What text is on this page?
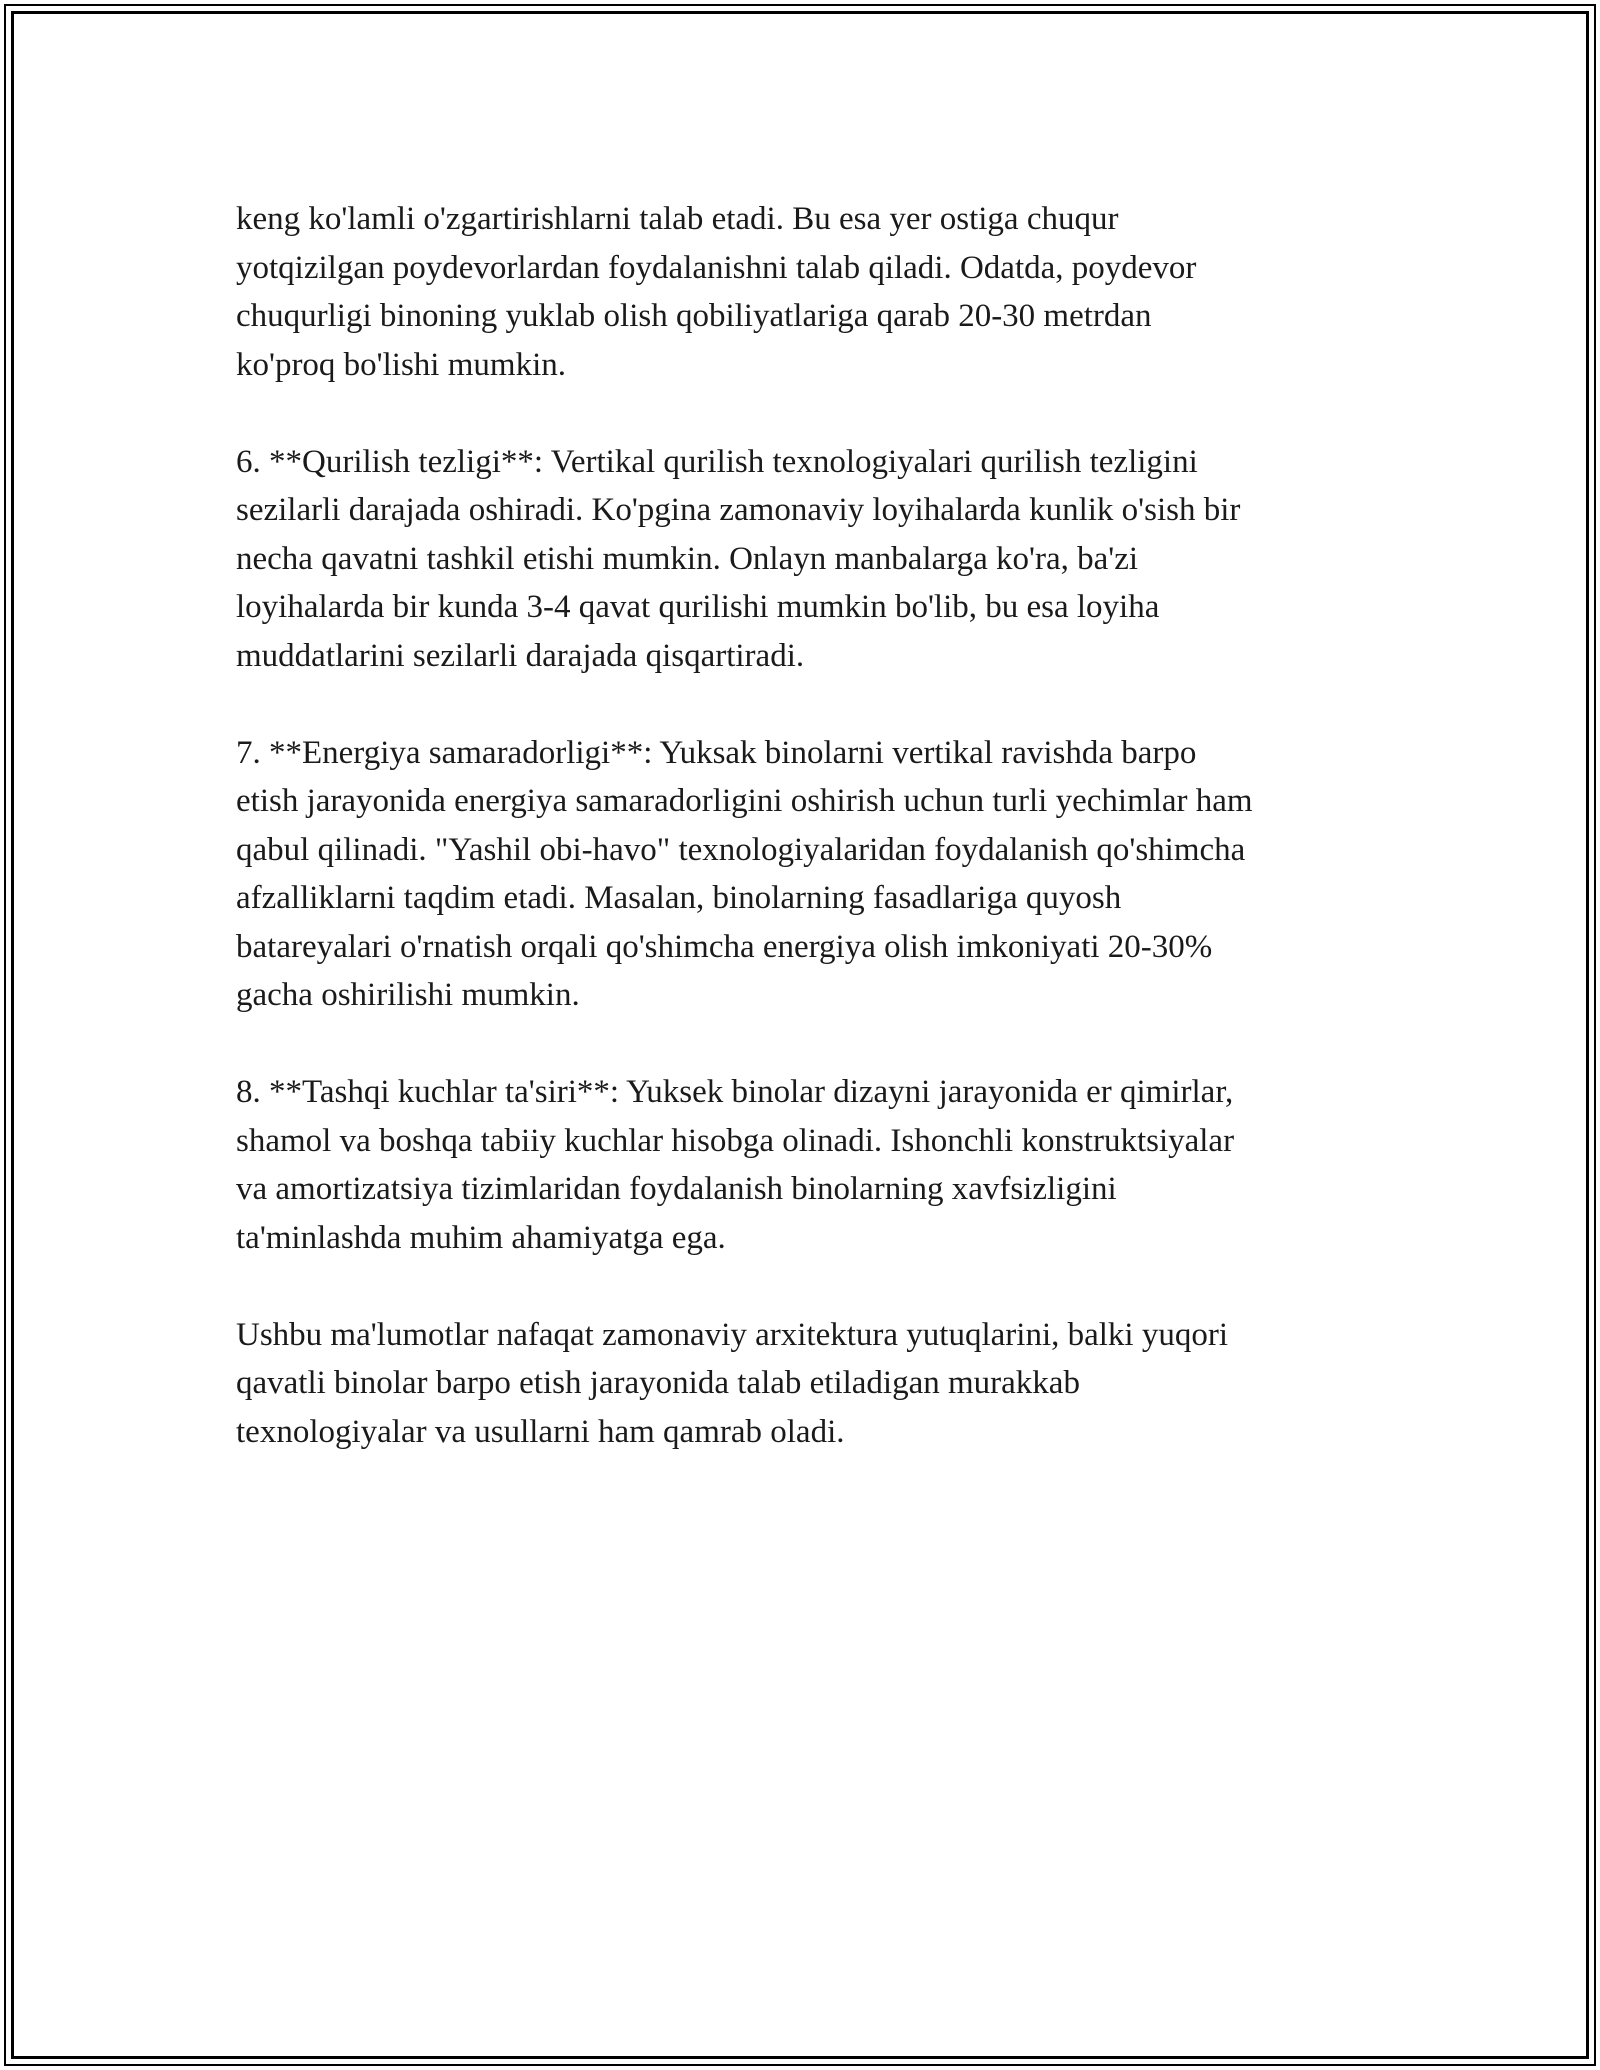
keng ko'lamli o'zgartirishlarni talab etadi. Bu esa yer ostiga chuqur
yotqizilgan poydevorlardan foydalanishni talab qiladi. Odatda, poydevor
chuqurligi binoning yuklab olish qobiliyatlariga qarab 20-30 metrdan
ko'proq bo'lishi mumkin.

6. **Qurilish tezligi**: Vertikal qurilish texnologiyalari qurilish tezligini
sezilarli darajada oshiradi. Ko'pgina zamonaviy loyihalarda kunlik o'sish bir
necha qavatni tashkil etishi mumkin. Onlayn manbalarga ko'ra, ba'zi
loyihalarda bir kunda 3-4 qavat qurilishi mumkin bo'lib, bu esa loyiha
muddatlarini sezilarli darajada qisqartiradi.

7. **Energiya samaradorligi**: Yuksak binolarni vertikal ravishda barpo
etish jarayonida energiya samaradorligini oshirish uchun turli yechimlar ham
qabul qilinadi. "Yashil obi-havo" texnologiyalaridan foydalanish qo'shimcha
afzalliklarni taqdim etadi. Masalan, binolarning fasadlariga quyosh
batareyalari o'rnatish orqali qo'shimcha energiya olish imkoniyati 20-30%
gacha oshirilishi mumkin.

8. **Tashqi kuchlar ta'siri**: Yuksek binolar dizayni jarayonida er qimirlar,
shamol va boshqa tabiiy kuchlar hisobga olinadi. Ishonchli konstruktsiyalar
va amortizatsiya tizimlaridan foydalanish binolarning xavfsizligini
ta'minlashda muhim ahamiyatga ega.

Ushbu ma'lumotlar nafaqat zamonaviy arxitektura yutuqlarini, balki yuqori
qavatli binolar barpo etish jarayonida talab etiladigan murakkab
texnologiyalar va usullarni ham qamrab oladi.
